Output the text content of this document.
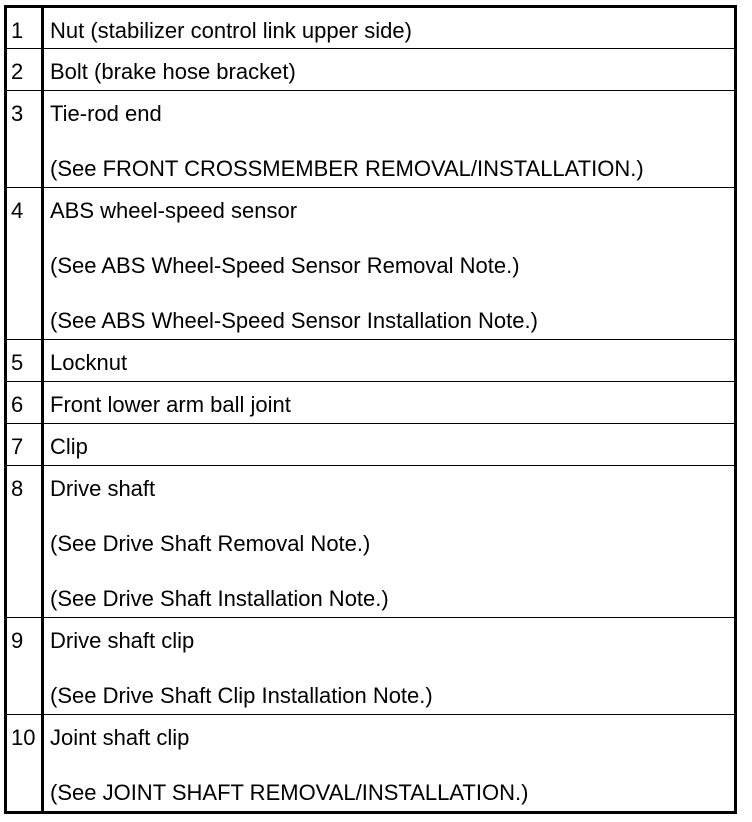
1	Nut (stabilizer control link upper side)

2	Bolt (brake hose bracket)

3	Tie-rod end
(See FRONT CROSSMEMBER REMOVAL/INSTALLATION.)

4	ABS wheel-speed sensor
(See ABS Wheel-Speed Sensor Removal Note.)
(See ABS Wheel-Speed Sensor Installation Note.)

5	Locknut

6	Front lower arm ball joint

7	Clip

8	Drive shaft
(See Drive Shaft Removal Note.)
(See Drive Shaft Installation Note.)

9	Drive shaft clip
(See Drive Shaft Clip Installation Note.)

10	Joint shaft clip
(See JOINT SHAFT REMOVAL/INSTALLATION.)
